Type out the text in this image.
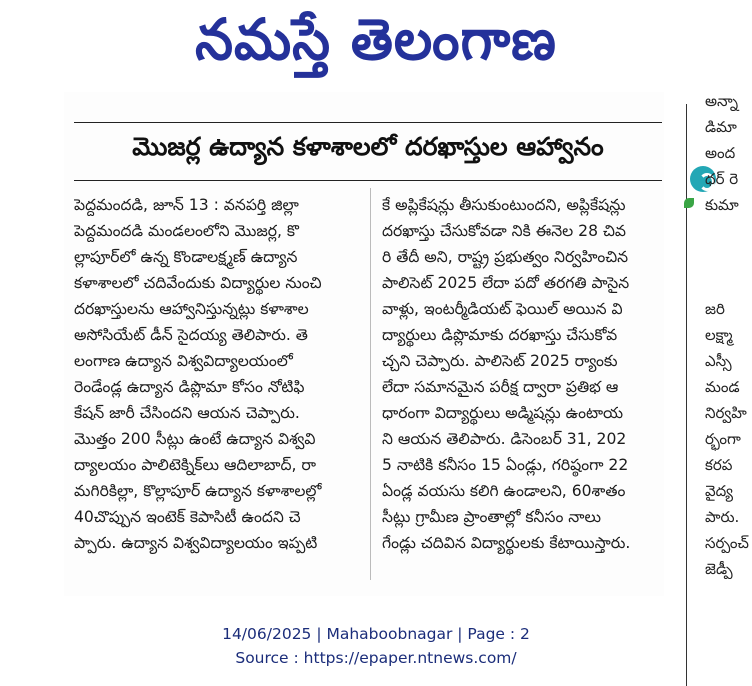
నమస్తే తెలంగాణ
మొజర్ల ఉద్యాన కళాశాలలో దరఖాస్తుల ఆహ్వానం
పెద్దమందడి, జూన్ 13 : వనపర్తి జిల్లా
పెద్దమందడి మండలంలోని మొజర్ల, కొ
ల్లాపూర్‌లో ఉన్న కొండాలక్ష్మణ్ ఉద్యాన
కళాశాలలో చదివేందుకు విద్యార్థుల నుంచి
దరఖాస్తులను ఆహ్వానిస్తున్నట్లు కళాశాల
అసోసియేట్ డీన్ సైదయ్య తెలిపారు. తె
లంగాణ ఉద్యాన విశ్వవిద్యాలయంలో
రెండేండ్ల ఉద్యాన డిప్లొమా కోసం నోటిఫి
కేషన్ జారీ చేసిందని ఆయన చెప్పారు.
మొత్తం 200 సీట్లు ఉంటే ఉద్యాన విశ్వవి
ద్యాలయం పాలిటెక్నిక్‌లు ఆదిలాబాద్, రా
మగిరికిల్లా, కొల్లాపూర్ ఉద్యాన కళాశాలల్లో
40చొప్పున ఇంటెక్ కెపాసిటీ ఉందని చె
ప్పారు. ఉద్యాన విశ్వవిద్యాలయం ఇప్పటి
కే అప్లికేషన్లు తీసుకుంటుందని, అప్లికేషన్లు
దరఖాస్తు చేసుకోవడా నికి ఈనెల 28 చివ
రి తేదీ అని, రాష్ట్ర ప్రభుత్వం నిర్వహించిన
పాలిసెట్ 2025 లేదా పదో తరగతి పాసైన
వాళ్లు, ఇంటర్మీడియట్ ఫెయిల్ అయిన వి
ద్యార్థులు డిప్లొమాకు దరఖాస్తు చేసుకోవ
చ్చని చెప్పారు. పాలిసెట్ 2025 ర్యాంకు
లేదా సమానమైన పరీక్ష ద్వారా ప్రతిభ ఆ
ధారంగా విద్యార్థులు అడ్మిషన్లు ఉంటాయ
ని ఆయన తెలిపారు. డిసెంబర్ 31, 202
5 నాటికి కనీసం 15 ఏండ్లు, గరిష్ఠంగా 22
ఏండ్ల వయసు కలిగి ఉండాలని, 60శాతం
సీట్లు గ్రామీణ ప్రాంతాల్లో కనీసం నాలు
గేండ్లు చదివిన విద్యార్థులకు కేటాయిస్తారు.
అన్నా
డిమా
అంద
ధర్ రె
కుమా
జరి
లక్ష్మా
ఎస్సీ
మండ
నిర్వహి
ర్భంగా
కరప
వైద్య
పారు.
సర్పంచ్
జెడ్పీ
14/06/2025 | Mahaboobnagar | Page : 2
Source : https://epaper.ntnews.com/
